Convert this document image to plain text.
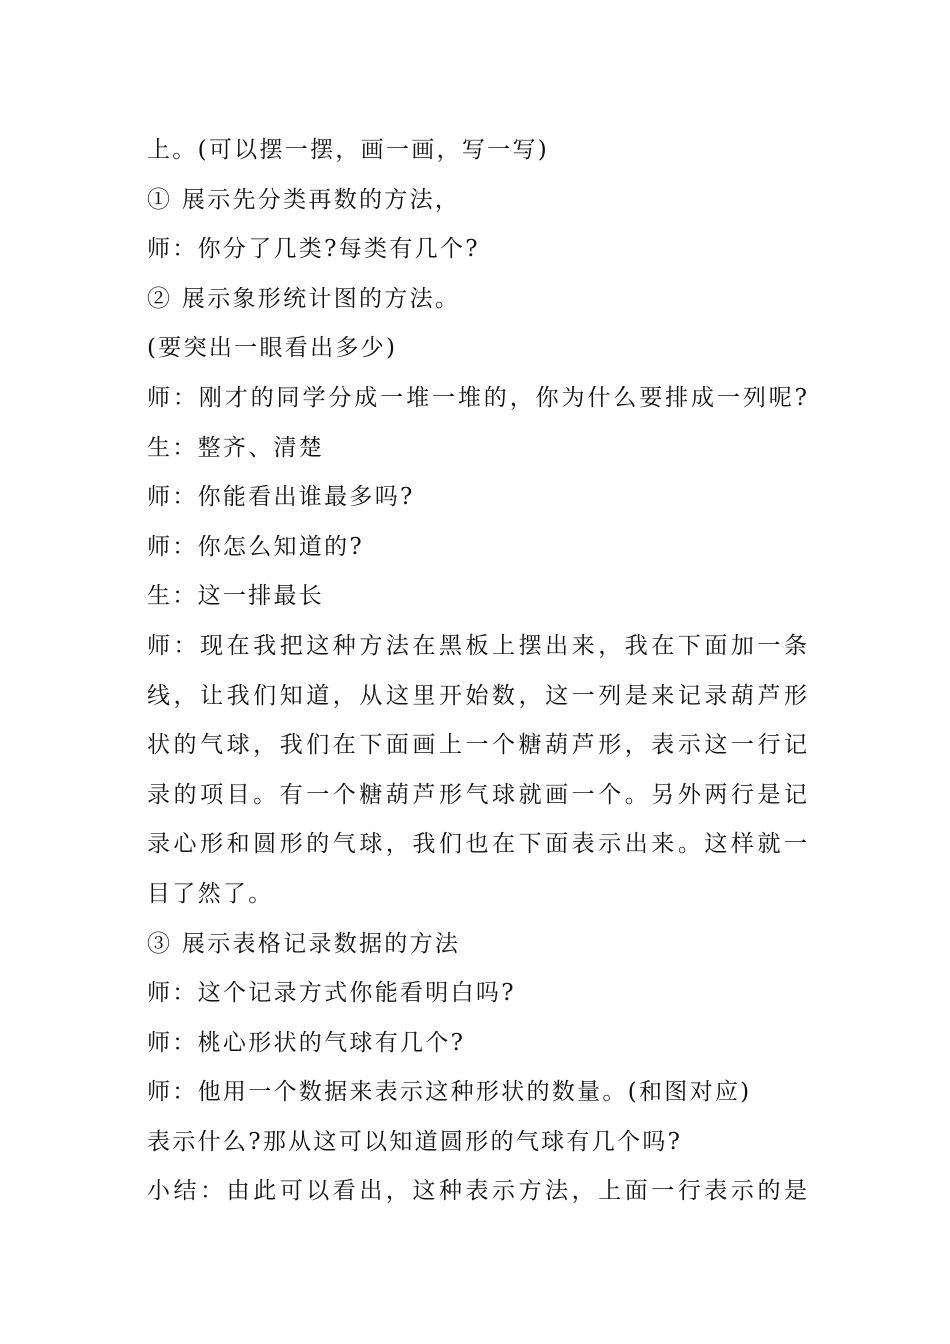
上。(可以摆一摆，画一画，写一写)
① 展示先分类再数的方法，
师：你分了几类?每类有几个?
② 展示象形统计图的方法。
(要突出一眼看出多少)
师：刚才的同学分成一堆一堆的，你为什么要排成一列呢?
生：整齐、清楚
师：你能看出谁最多吗?
师：你怎么知道的?
生：这一排最长
师：现在我把这种方法在黑板上摆出来，我在下面加一条
线，让我们知道，从这里开始数，这一列是来记录葫芦形
状的气球，我们在下面画上一个糖葫芦形，表示这一行记
录的项目。有一个糖葫芦形气球就画一个。另外两行是记
录心形和圆形的气球，我们也在下面表示出来。这样就一
目了然了。
③ 展示表格记录数据的方法
师：这个记录方式你能看明白吗?
师：桃心形状的气球有几个?
师：他用一个数据来表示这种形状的数量。(和图对应)
表示什么?那从这可以知道圆形的气球有几个吗?
小结：由此可以看出，这种表示方法，上面一行表示的是
